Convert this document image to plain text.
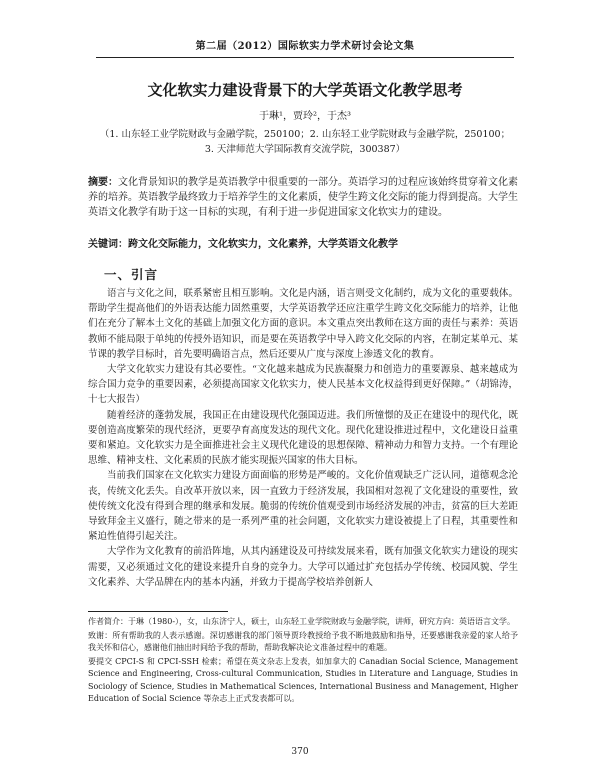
第二届（2012）国际软实力学术研讨会论文集
文化软实力建设背景下的大学英语文化教学思考
于琳¹，贾玲²，于杰³
（1. 山东轻工业学院财政与金融学院，250100；2. 山东轻工业学院财政与金融学院，250100；3. 天津师范大学国际教育交流学院，300387）
摘要：文化背景知识的教学是英语教学中很重要的一部分。英语学习的过程应该始终贯穿着文化素养的培养。英语教学最终致力于培养学生的文化素质，使学生跨文化交际的能力得到提高。大学生英语文化教学有助于这一目标的实现，有利于进一步促进国家文化软实力的建设。
关键词：跨文化交际能力，文化软实力，文化素养，大学英语文化教学
一、引言

语言与文化之间，联系紧密且相互影响。文化是内涵，语言则受文化制约，成为文化的重要载体。帮助学生提高他们的外语表达能力固然重要，大学英语教学还应注重学生跨文化交际能力的培养，让他们在充分了解本土文化的基础上加强文化方面的意识。本文重点突出教师在这方面的责任与素养：英语教师不能局限于单纯的传授外语知识，而是要在英语教学中导入跨文化交际的内容，在制定某单元、某节课的教学目标时，首先要明确语言点，然后还要从广度与深度上渗透文化的教育。

大学文化软实力建设有其必要性。“文化越来越成为民族凝聚力和创造力的重要源泉、越来越成为综合国力竞争的重要因素，必须提高国家文化软实力，使人民基本文化权益得到更好保障。”（胡锦涛，十七大报告）

随着经济的蓬勃发展，我国正在由建设现代化强国迈进。我们所憧憬的及正在建设中的现代化，既要创造高度繁荣的现代经济，更要孕育高度发达的现代文化。现代化建设推进过程中，文化建设日益重要和紧迫。文化软实力是全面推进社会主义现代化建设的思想保障、精神动力和智力支持。一个有理论思维、精神支柱、文化素质的民族才能实现振兴国家的伟大目标。

当前我们国家在文化软实力建设方面面临的形势是严峻的。文化价值观缺乏广泛认同，道德观念沦丧，传统文化丢失。自改革开放以来，因一直致力于经济发展，我国相对忽视了文化建设的重要性，致使传统文化没有得到合理的继承和发展。脆弱的传统价值观受到市场经济发展的冲击，贫富的巨大差距导致拜金主义盛行，随之带来的是一系列严重的社会问题，文化软实力建设被提上了日程，其重要性和紧迫性值得引起关注。

大学作为文化教育的前沿阵地，从其内涵建设及可持续发展来看，既有加强文化软实力建设的现实需要，又必须通过文化的建设来提升自身的竞争力。大学可以通过扩充包括办学传统、校园风貌、学生文化素养、大学品牌在内的基本内涵，并致力于提高学校培养创新人

作者简介：于琳（1980-），女，山东济宁人，硕士，山东轻工业学院财政与金融学院，讲师，研究方向：英语语言文学。

致谢：所有帮助我的人表示感谢。深切感谢我的部门领导贾玲教授给予我不断地鼓励和指导，还要感谢我亲爱的家人给予我关怀和信心，感谢他们抽出时间给予我的帮助，帮助我解决论文准备过程中的难题。

要提交 CPCI-S 和 CPCI-SSH 检索；希望在英文杂志上发表，如加拿大的 Canadian Social Science, Management Science and Engineering, Cross-cultural Communication, Studies in Literature and Language, Studies in Sociology of Science, Studies in Mathematical Sciences, International Business and Management, Higher Education of Social Science 等杂志上正式发表都可以。

370
